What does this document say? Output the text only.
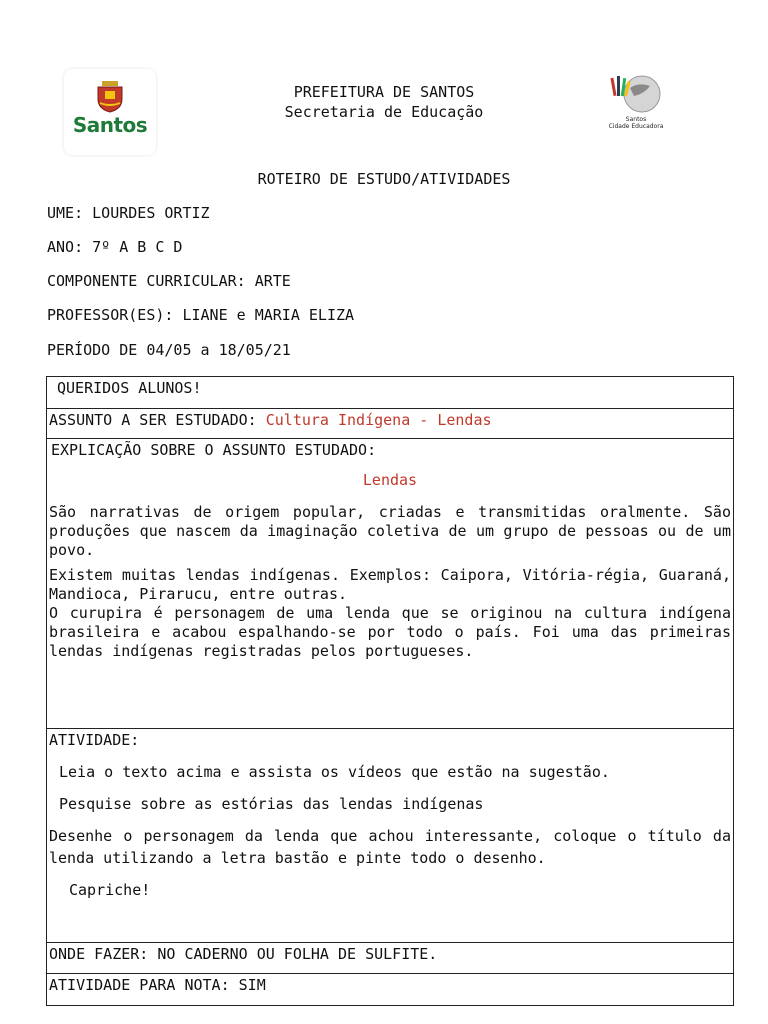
Santos
PREFEITURA DE SANTOS
Secretaria de Educação	Santos
Cidade Educadora
ROTEIRO DE ESTUDO/ATIVIDADES
UME: LOURDES ORTIZ
ANO: 7º A B C D
COMPONENTE CURRICULAR: ARTE
PROFESSOR(ES): LIANE e MARIA ELIZA
PERÍODO DE 04/05 a 18/05/21
QUERIDOS ALUNOS!
ASSUNTO A SER ESTUDADO: Cultura Indígena - Lendas
EXPLICAÇÃO SOBRE O ASSUNTO ESTUDADO:
Lendas

São narrativas de origem popular, criadas e transmitidas oralmente. São produções que nascem da imaginação coletiva de um grupo de pessoas ou de um povo.

Existem muitas lendas indígenas. Exemplos: Caipora, Vitória-régia, Guaraná, Mandioca, Pirarucu, entre outras.

O curupira é personagem de uma lenda que se originou na cultura indígena brasileira e acabou espalhando-se por todo o país. Foi uma das primeiras lendas indígenas registradas pelos portugueses.

ATIVIDADE:

Leia o texto acima e assista os vídeos que estão na sugestão.

Pesquise sobre as estórias das lendas indígenas

Desenhe o personagem da lenda que achou interessante, coloque o título da lenda utilizando a letra bastão e pinte todo o desenho.

Capriche!

ONDE FAZER: NO CADERNO OU FOLHA DE SULFITE.
ATIVIDADE PARA NOTA: SIM
